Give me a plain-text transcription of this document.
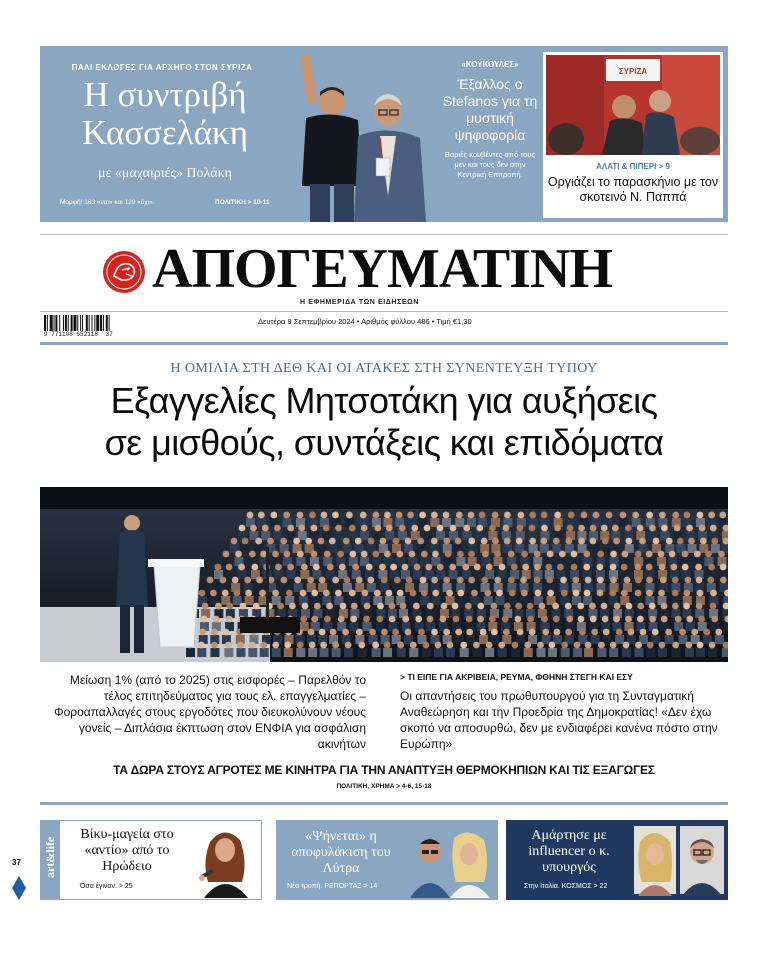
ΠΑΛΙ ΕΚΛΟΓΕΣ ΓΙΑ ΑΡΧΗΓΟ ΣΤΟΝ ΣΥΡΙΖΑ
Η συντριβή
Κασσελάκη
με «μαχαιριές» Πολάκη
Μομφή! 163 «ναι» και 120 «όχι».	ΠΟΛΙΤΙΚΗ > 10-11
«ΚΟΥΚΟΥΛΕΣ»
Έξαλλος ο Stefanos για τη μυστική ψηφοφορία
Βαριές κουβέντες από τους μεν και τους δεν στην Κεντρική Επιτροπή.
ΣΥΡΙΖΑ
ΑΛΑΤΙ & ΠΙΠΕΡΙ > 9
Οργιάζει το παρασκήνιο με τον σκοτεινό Ν. Παππά
ΑΠΟΓΕΥΜΑΤΙΝΗ
Η ΕΦΗΜΕΡΙΔΑ ΤΩΝ ΕΙΔΗΣΕΩΝ
9 771108 652118 37
Δευτέρα 9 Σεπτεμβρίου 2024 • Αριθμός φύλλου 486 • Τιμή €1,30
Η ΟΜΙΛΙΑ ΣΤΗ ΔΕΘ ΚΑΙ ΟΙ ΑΤΑΚΕΣ ΣΤΗ ΣΥΝΕΝΤΕΥΞΗ ΤΥΠΟΥ
Εξαγγελίες Μητσοτάκη για αυξήσεις
σε μισθούς, συντάξεις και επιδόματα
Μείωση 1% (από το 2025) στις εισφορές – Παρελθόν το τέλος επιτηδεύματος για τους ελ. επαγγελματίες – Φοροαπαλλαγές στους εργοδότες που διευκολύνουν νέους γονείς – Διπλάσια έκπτωση στον ΕΝΦΙΑ για ασφάλιση ακινήτων
> ΤΙ ΕΙΠΕ ΓΙΑ ΑΚΡΙΒΕΙΑ, ΡΕΥΜΑ, ΦΘΗΝΗ ΣΤΕΓΗ ΚΑΙ ΕΣΥ
Οι απαντήσεις του πρωθυπουργού για τη Συνταγματική Αναθεώρηση και την Προεδρία της Δημοκρατίας! «Δεν έχω σκοπό να αποσυρθώ, δεν με ενδιαφέρει κανένα πόστο στην Ευρώπη»
ΤΑ ΔΩΡΑ ΣΤΟΥΣ ΑΓΡΟΤΕΣ ΜΕ ΚΙΝΗΤΡΑ ΓΙΑ ΤΗΝ ΑΝΑΠΤΥΞΗ ΘΕΡΜΟΚΗΠΙΩΝ ΚΑΙ ΤΙΣ ΕΞΑΓΩΓΕΣ
ΠΟΛΙΤΙΚΗ, ΧΡΗΜΑ > 4-6, 15-18
art&life
Βίκυ-μαγεία στο «αντίο» από το Ηρώδειο
Όσα έγιναν. > 25
«Ψήνεται» η αποφυλάκιση του Λύτρα
Νέα τροπή. ΡΕΠΟΡΤΑΖ > 14
Αμάρτησε με influencer ο κ. υπουργός
Στην Ιταλία. ΚΟΣΜΟΣ > 22
37
